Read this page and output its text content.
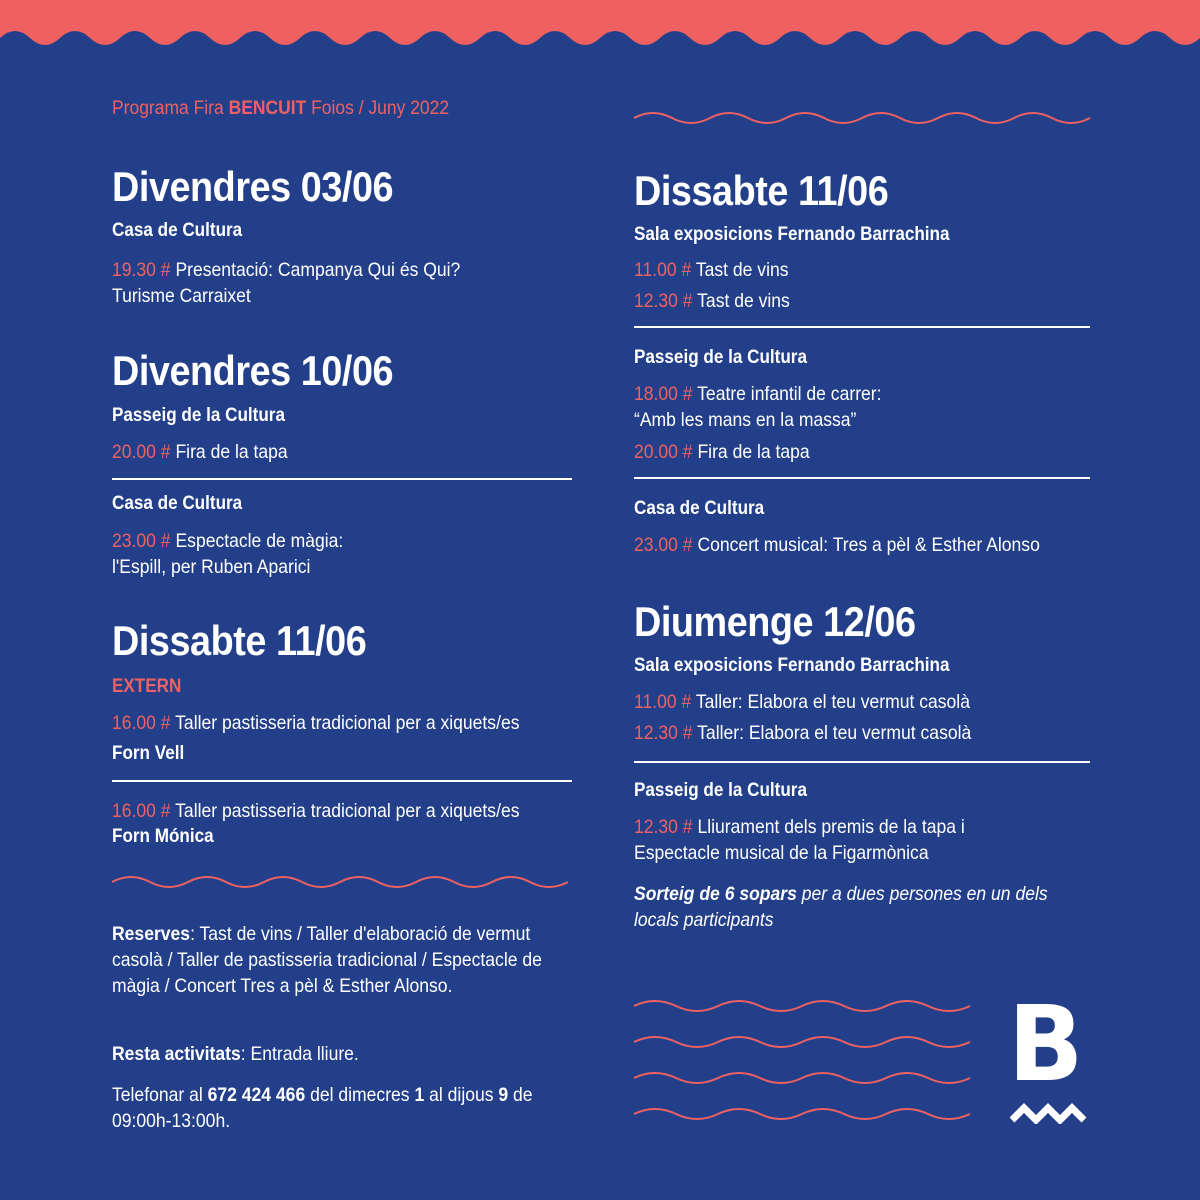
Programa Fira BENCUIT Foios / Juny 2022
Divendres 03/06
Casa de Cultura
19.30 # Presentació: Campanya Qui és Qui?
Turisme Carraixet
Divendres 10/06
Passeig de la Cultura
20.00 # Fira de la tapa
Casa de Cultura
23.00 # Espectacle de màgia:
l'Espill, per Ruben Aparici
Dissabte 11/06
EXTERN
16.00 # Taller pastisseria tradicional per a xiquets/es
Forn Vell
16.00 # Taller pastisseria tradicional per a xiquets/es
Forn Mónica
Reserves: Tast de vins / Taller d'elaboració de vermut casolà / Taller de pastisseria tradicional / Espectacle de màgia / Concert Tres a pèl & Esther Alonso.
Resta activitats: Entrada lliure.
Telefonar al 672 424 466 del dimecres 1 al dijous 9 de 09:00h-13:00h.
Dissabte 11/06
Sala exposicions Fernando Barrachina
11.00 # Tast de vins
12.30 # Tast de vins
Passeig de la Cultura
18.00 # Teatre infantil de carrer:
“Amb les mans en la massa”
20.00 # Fira de la tapa
Casa de Cultura
23.00 # Concert musical: Tres a pèl & Esther Alonso
Diumenge 12/06
Sala exposicions Fernando Barrachina
11.00 # Taller: Elabora el teu vermut casolà
12.30 # Taller: Elabora el teu vermut casolà
Passeig de la Cultura
12.30 # Lliurament dels premis de la tapa i
Espectacle musical de la Figarmònica
Sorteig de 6 sopars per a dues persones en un dels
locals participants
B
